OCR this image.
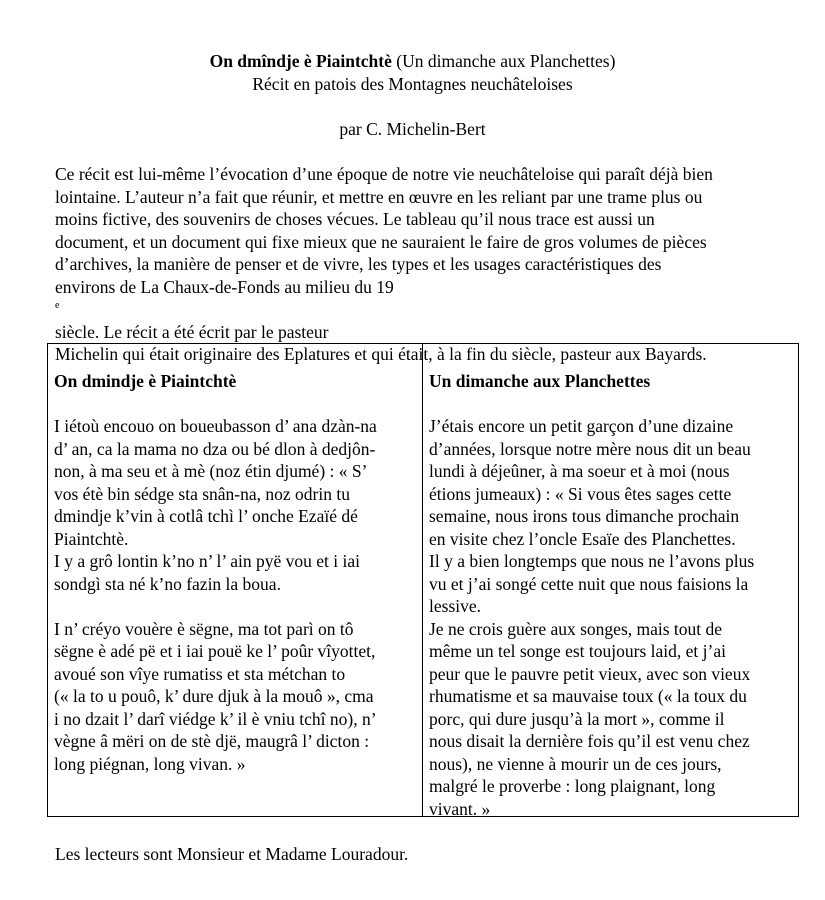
On dmîndje è Piaintchtè (Un dimanche aux Planchettes)
Récit en patois des Montagnes neuchâteloises
par C. Michelin-Bert
Ce récit est lui-même l’évocation d’une époque de notre vie neuchâteloise qui paraît déjà bien
lointaine. L’auteur n’a fait que réunir, et mettre en œuvre en les reliant par une trame plus ou
moins fictive, des souvenirs de choses vécues. Le tableau qu’il nous trace est aussi un
document, et un document qui fixe mieux que ne sauraient le faire de gros volumes de pièces
d’archives, la manière de penser et de vivre, les types et les usages caractéristiques des
environs de La Chaux-de-Fonds au milieu du 19
$^e$
siècle. Le récit a été écrit par le pasteur
Michelin qui était originaire des Eplatures et qui était, à la fin du siècle, pasteur aux Bayards.
On dmindje è Piaintchtè
I iétoù encouo on boueubasson d’ ana dzàn-na
d’ an, ca la mama no dza ou bé dlon à dedjôn-
non, à ma seu et à mè (noz étin djumé) : « S’
vos étè bin sédge sta snân-na, noz odrin tu
dmindje k’vin à cotlâ tchì l’ onche Ezaïé dé
Piaintchtè.
I y a grô lontin k’no n’ l’ ain pyë vou et i iai
sondgì sta né k’no fazin la boua.
I n’ créyo vouère è sëgne, ma tot parì on tô
sëgne è adé pë et i iai pouë ke l’ poûr vîyottet,
avoué son vîye rumatiss et sta métchan to
(« la to u pouô, k’ dure djuk à la mouô », cma
i no dzait l’ darî viédge k’ il è vniu tchî no), n’
vègne â mëri on de stè djë, maugrâ l’ dicton :
long piégnan, long vivan. »
Un dimanche aux Planchettes
J’étais encore un petit garçon d’une dizaine
d’années, lorsque notre mère nous dit un beau
lundi à déjeûner, à ma soeur et à moi (nous
étions jumeaux) : « Si vous êtes sages cette
semaine, nous irons tous dimanche prochain
en visite chez l’oncle Esaïe des Planchettes.
Il y a bien longtemps que nous ne l’avons plus
vu et j’ai songé cette nuit que nous faisions la
lessive.
Je ne crois guère aux songes, mais tout de
même un tel songe est toujours laid, et j’ai
peur que le pauvre petit vieux, avec son vieux
rhumatisme et sa mauvaise toux (« la toux du
porc, qui dure jusqu’à la mort », comme il
nous disait la dernière fois qu’il est venu chez
nous), ne vienne à mourir un de ces jours,
malgré le proverbe : long plaignant, long
vivant. »
Les lecteurs sont Monsieur et Madame Louradour.
